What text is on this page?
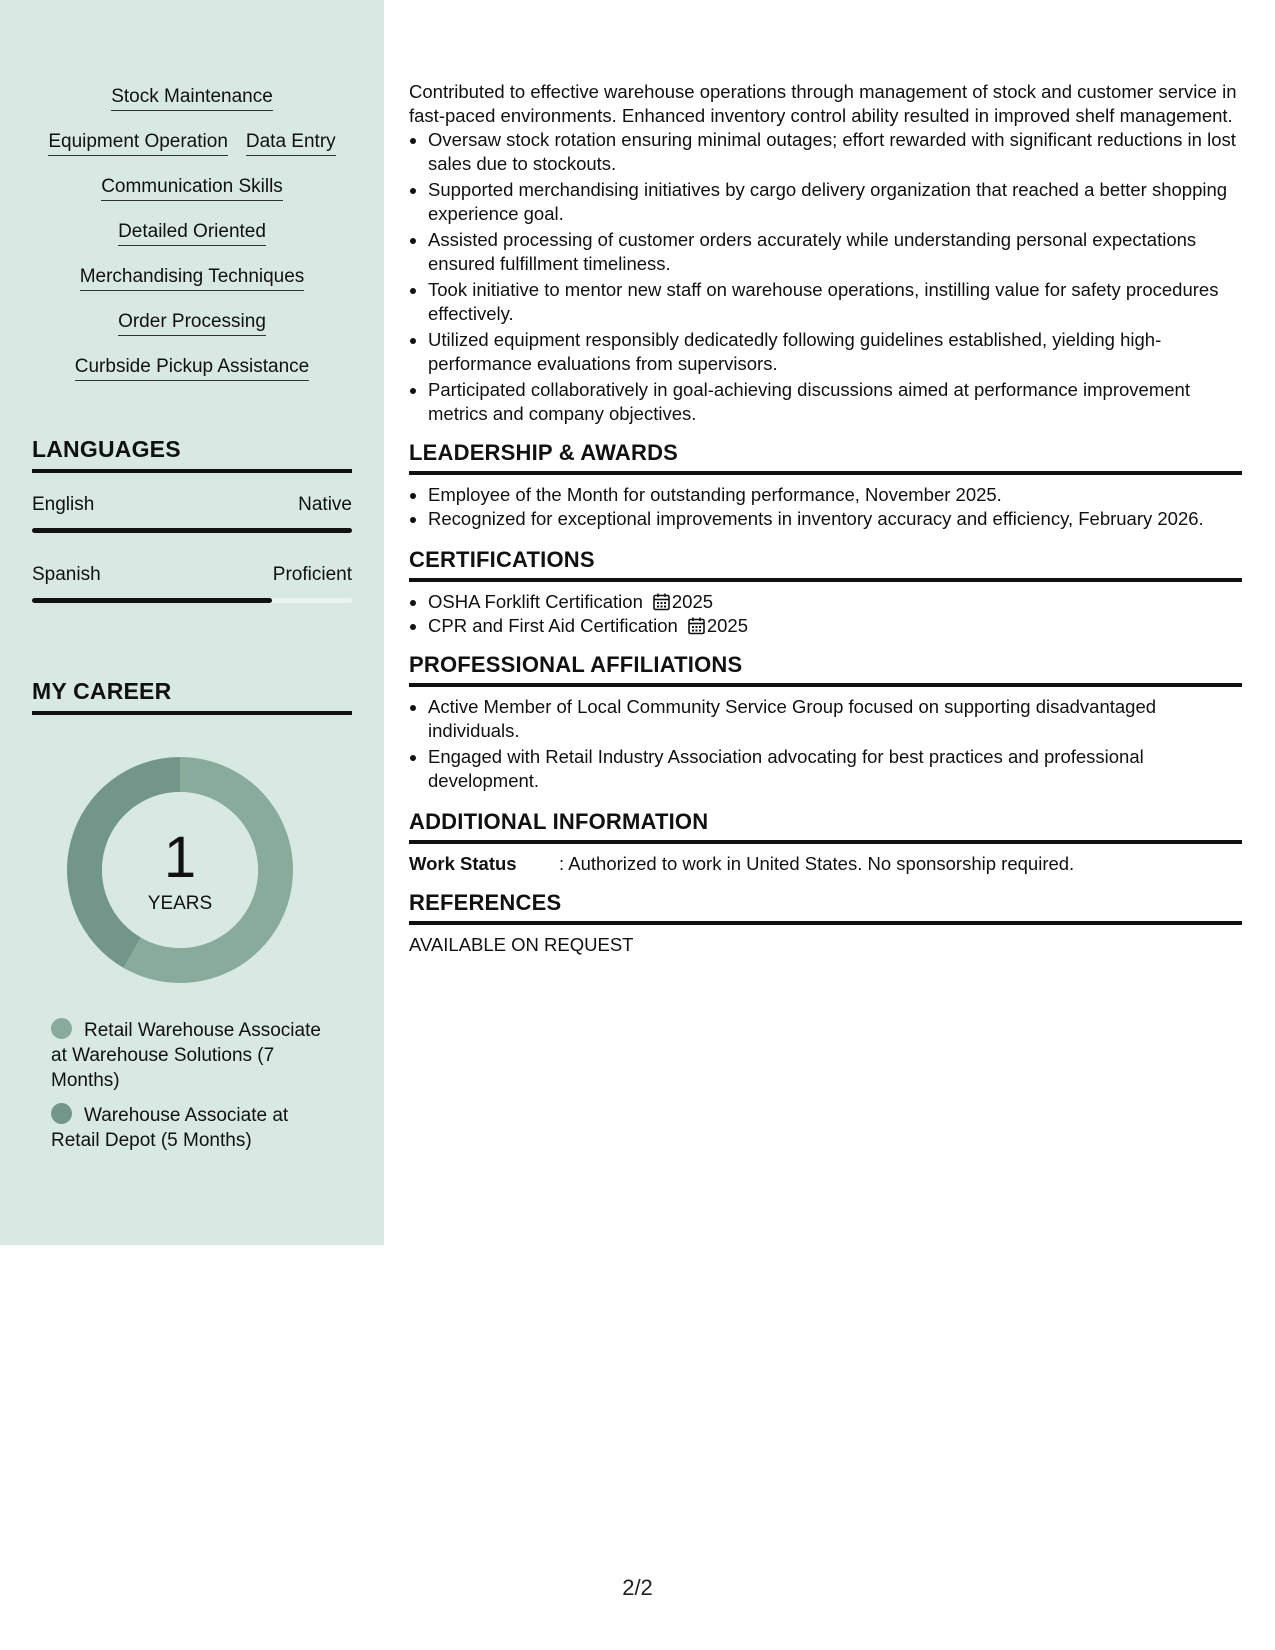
Stock Maintenance
Equipment Operation Data Entry
Communication Skills
Detailed Oriented
Merchandising Techniques
Order Processing
Curbside Pickup Assistance
LANGUAGES
English	Native
Spanish	Proficient
MY CAREER
1
YEARS
Retail Warehouse Associate at Warehouse Solutions (7 Months)
Warehouse Associate at Retail Depot (5 Months)

Contributed to effective warehouse operations through management of stock and customer service in fast-paced environments. Enhanced inventory control ability resulted in improved shelf management.

• Oversaw stock rotation ensuring minimal outages; effort rewarded with significant reductions in lost sales due to stockouts.
• Supported merchandising initiatives by cargo delivery organization that reached a better shopping experience goal.
• Assisted processing of customer orders accurately while understanding personal expectations ensured fulfillment timeliness.
• Took initiative to mentor new staff on warehouse operations, instilling value for safety procedures effectively.
• Utilized equipment responsibly dedicatedly following guidelines established, yielding high-performance evaluations from supervisors.
• Participated collaboratively in goal-achieving discussions aimed at performance improvement metrics and company objectives.
LEADERSHIP & AWARDS
• Employee of the Month for outstanding performance, November 2025.
• Recognized for exceptional improvements in inventory accuracy and efficiency, February 2026.
CERTIFICATIONS
• OSHA Forklift Certification 2025
• CPR and First Aid Certification 2025
PROFESSIONAL AFFILIATIONS
• Active Member of Local Community Service Group focused on supporting disadvantaged individuals.
• Engaged with Retail Industry Association advocating for best practices and professional development.
ADDITIONAL INFORMATION
Work Status	: Authorized to work in United States. No sponsorship required.
REFERENCES
AVAILABLE ON REQUEST
2/2
